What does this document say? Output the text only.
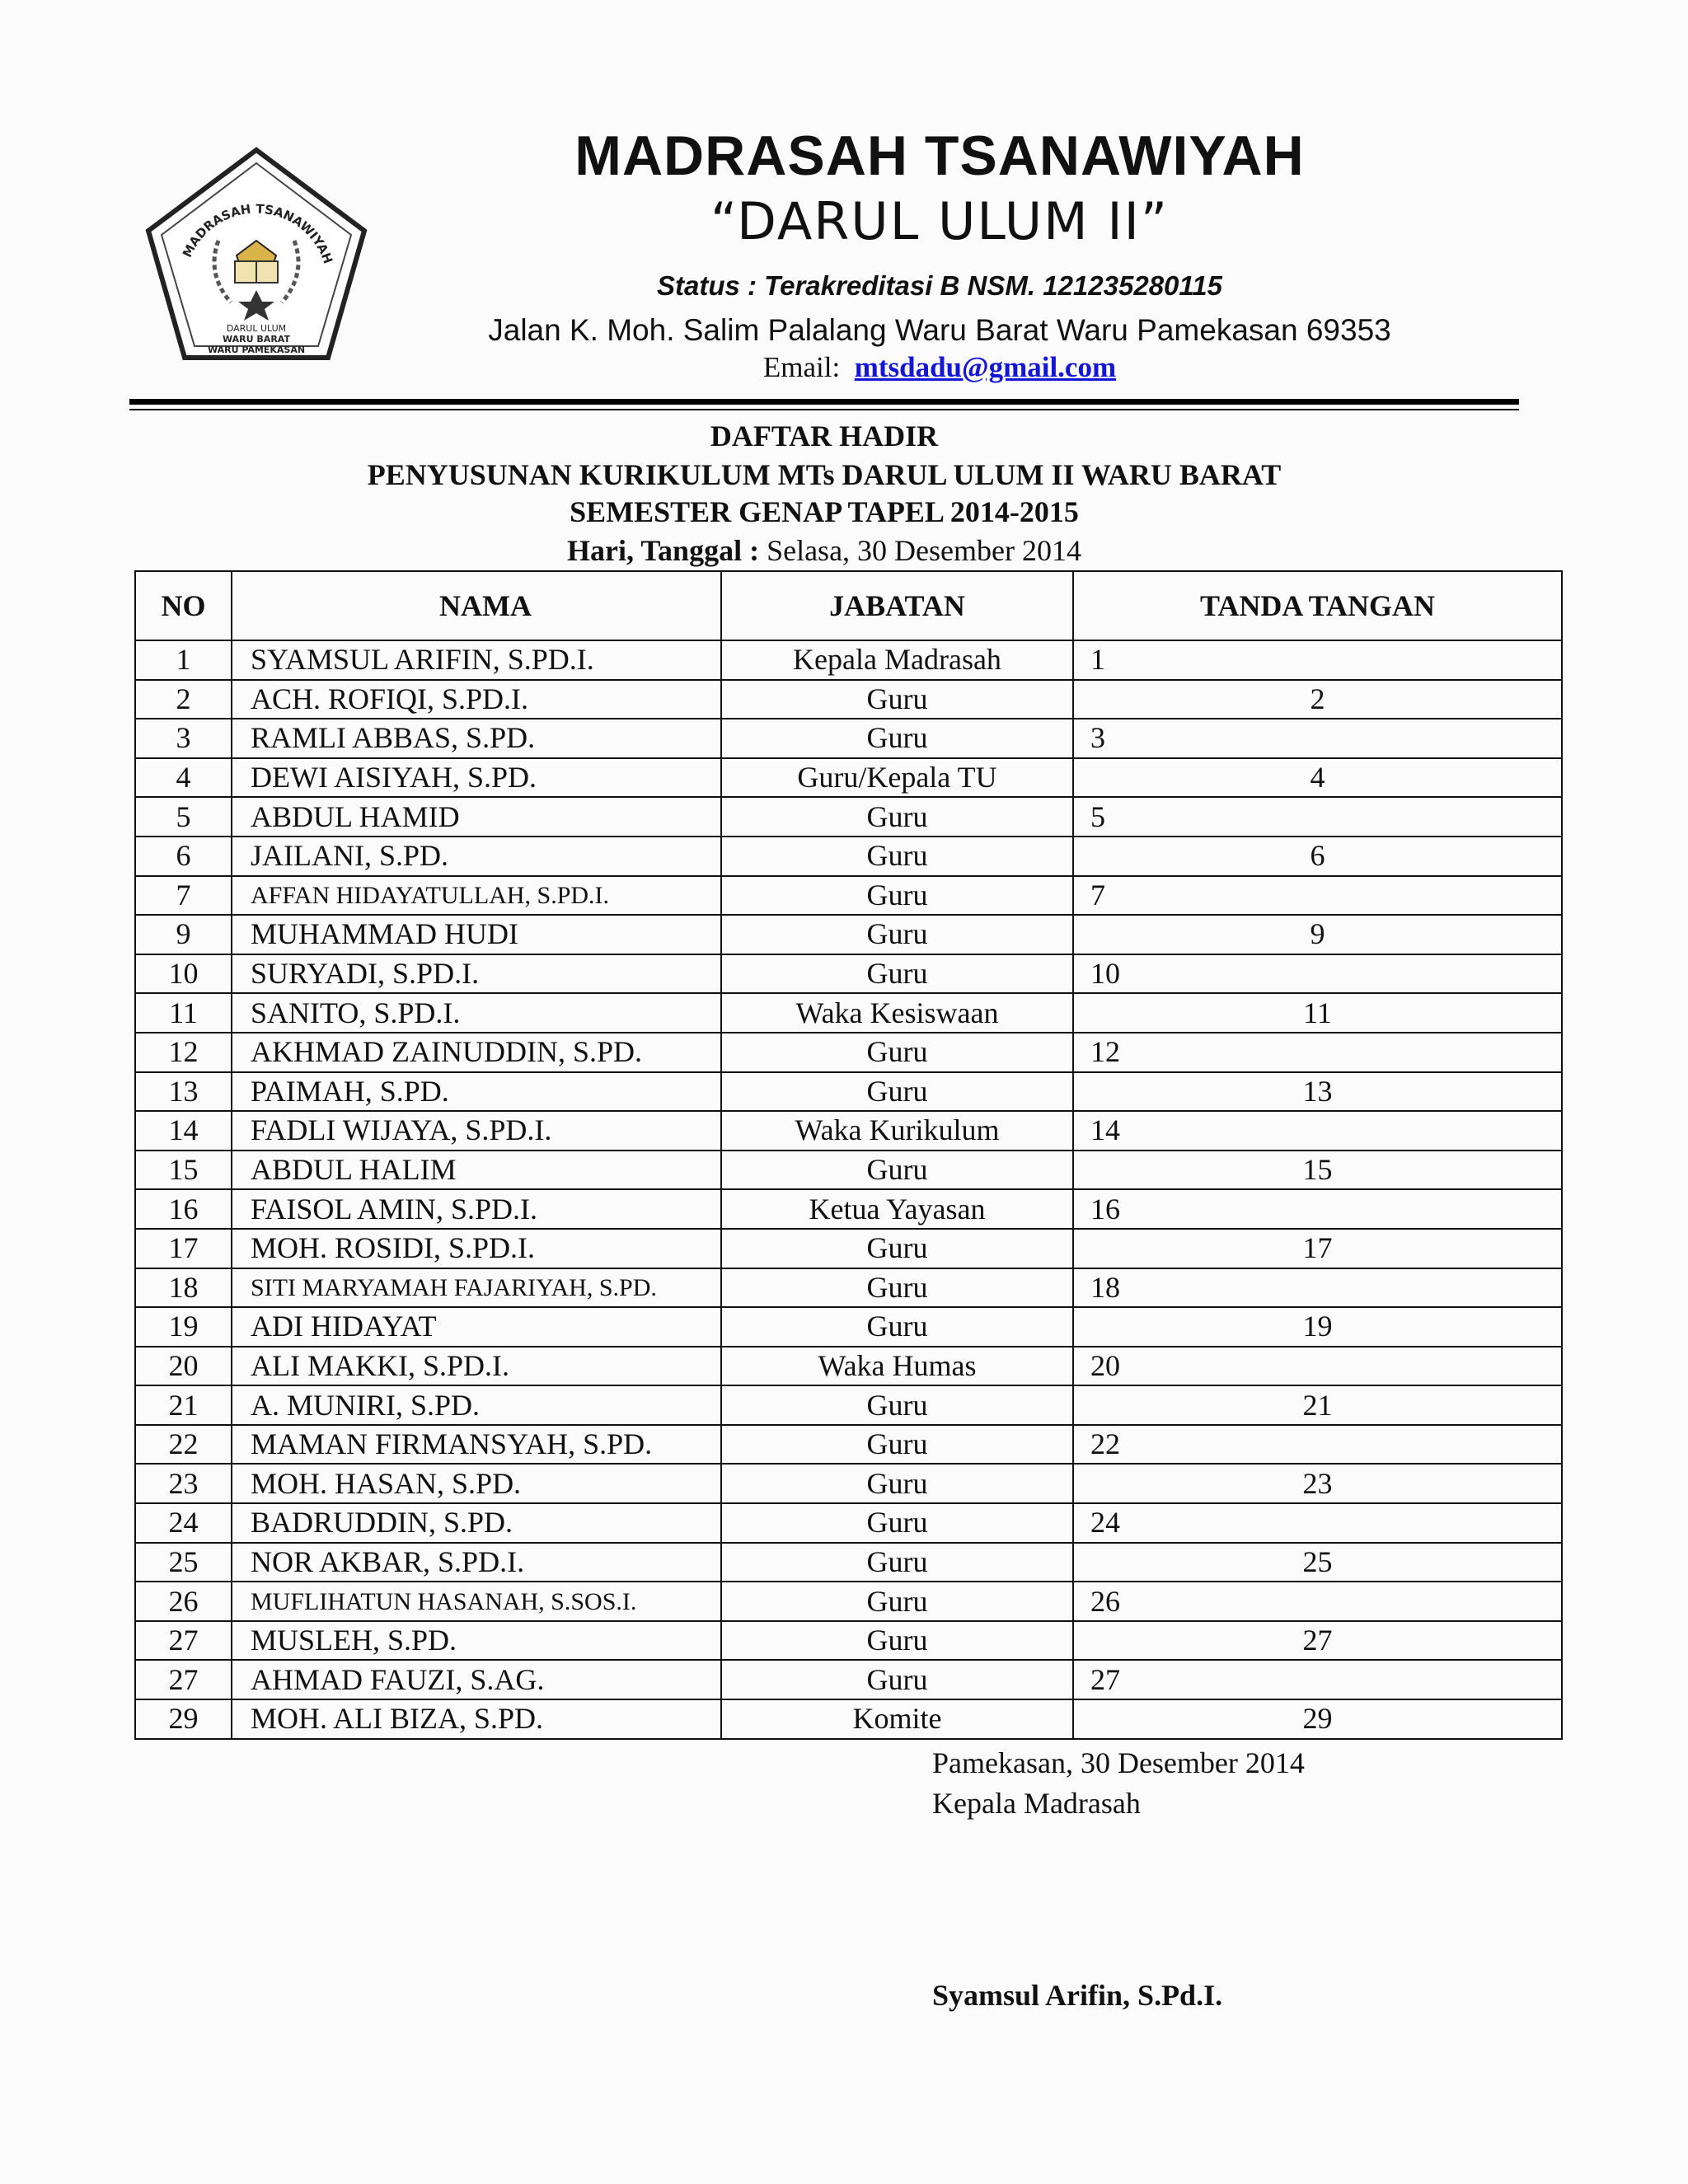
MADRASAH TSANAWIYAH
DARUL ULUM
WARU BARAT
WARU PAMEKASAN
MADRASAH TSANAWIYAH
“DARUL ULUM II”
Status : Terakreditasi B NSM. 121235280115
Jalan K. Moh. Salim Palalang Waru Barat Waru Pamekasan 69353
Email: mtsdadu@gmail.com
DAFTAR HADIR
PENYUSUNAN KURIKULUM MTs DARUL ULUM II WARU BARAT
SEMESTER GENAP TAPEL 2014-2015
Hari, Tanggal : Selasa, 30 Desember 2014
NO	NAMA	JABATAN	TANDA TANGAN
1	SYAMSUL ARIFIN, S.PD.I.	Kepala Madrasah	1
2	ACH. ROFIQI, S.PD.I.	Guru	2
3	RAMLI ABBAS, S.PD.	Guru	3
4	DEWI AISIYAH, S.PD.	Guru/Kepala TU	4
5	ABDUL HAMID	Guru	5
6	JAILANI, S.PD.	Guru	6
7	AFFAN HIDAYATULLAH, S.PD.I.	Guru	7
9	MUHAMMAD HUDI	Guru	9
10	SURYADI, S.PD.I.	Guru	10
11	SANITO, S.PD.I.	Waka Kesiswaan	11
12	AKHMAD ZAINUDDIN, S.PD.	Guru	12
13	PAIMAH, S.PD.	Guru	13
14	FADLI WIJAYA, S.PD.I.	Waka Kurikulum	14
15	ABDUL HALIM	Guru	15
16	FAISOL AMIN, S.PD.I.	Ketua Yayasan	16
17	MOH. ROSIDI, S.PD.I.	Guru	17
18	SITI MARYAMAH FAJARIYAH, S.PD.	Guru	18
19	ADI HIDAYAT	Guru	19
20	ALI MAKKI, S.PD.I.	Waka Humas	20
21	A. MUNIRI, S.PD.	Guru	21
22	MAMAN FIRMANSYAH, S.PD.	Guru	22
23	MOH. HASAN, S.PD.	Guru	23
24	BADRUDDIN, S.PD.	Guru	24
25	NOR AKBAR, S.PD.I.	Guru	25
26	MUFLIHATUN HASANAH, S.SOS.I.	Guru	26
27	MUSLEH, S.PD.	Guru	27
27	AHMAD FAUZI, S.AG.	Guru	27
29	MOH. ALI BIZA, S.PD.	Komite	29
Pamekasan, 30 Desember 2014
Kepala Madrasah
Syamsul Arifin, S.Pd.I.
